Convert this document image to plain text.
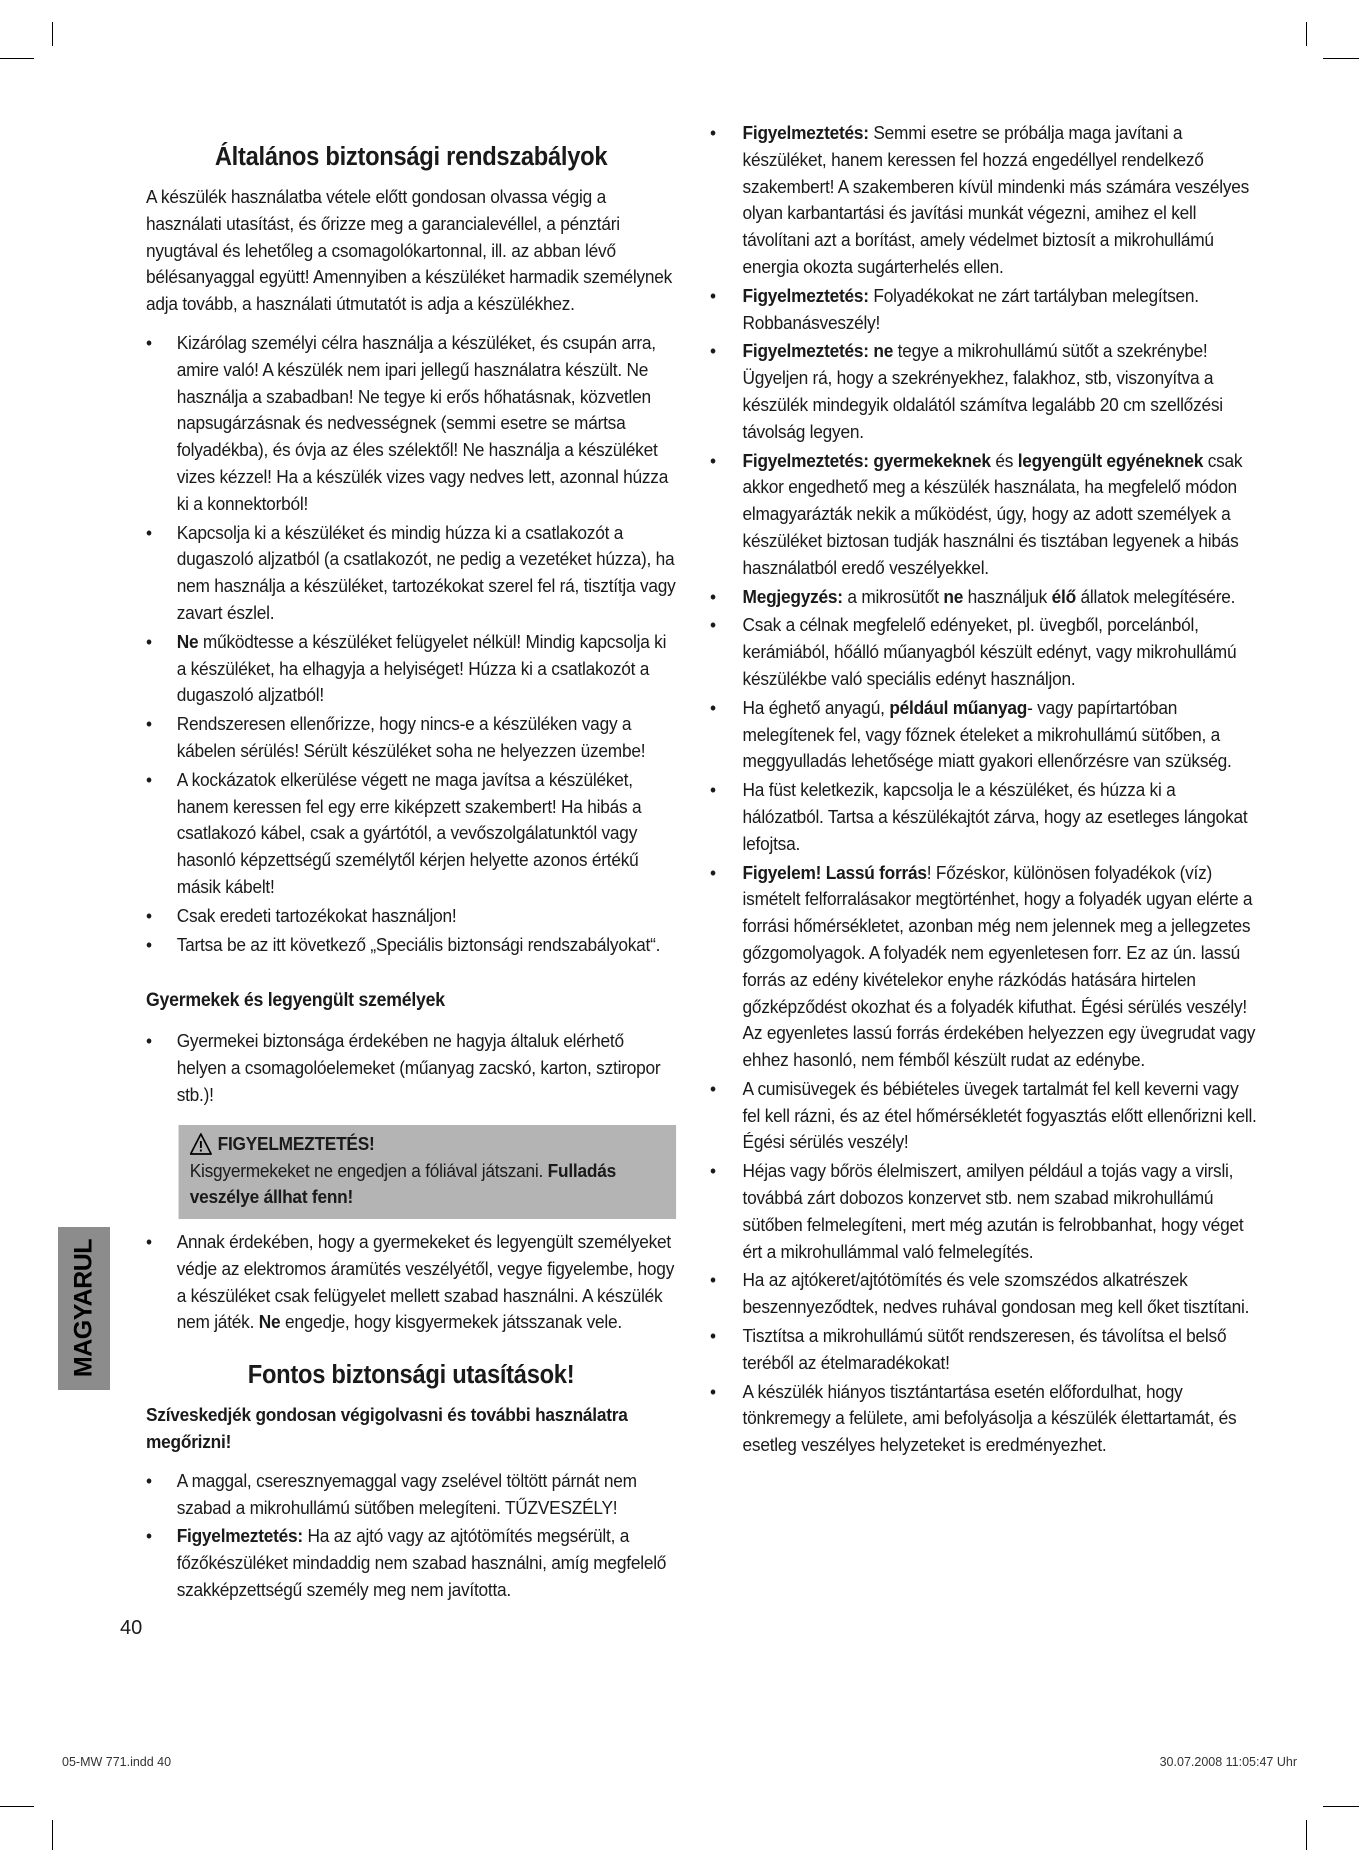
Általános biztonsági rendszabályok

A készülék használatba vétele előtt gondosan olvassa végig a használati utasítást, és őrizze meg a garancialevéllel, a pénztári nyugtával és lehetőleg a csomagolókartonnal, ill. az abban lévő bélésanyaggal együtt! Amennyiben a készüléket harmadik személynek adja tovább, a használati útmutatót is adja a készülékhez.

• Kizárólag személyi célra használja a készüléket, és csupán arra, amire való! A készülék nem ipari jellegű használatra készült. Ne használja a szabadban! Ne tegye ki erős hőhatásnak, közvetlen napsugárzásnak és nedvességnek (semmi esetre se mártsa folyadékba), és óvja az éles szélektől! Ne használja a készüléket vizes kézzel! Ha a készülék vizes vagy nedves lett, azonnal húzza ki a konnektorból!
• Kapcsolja ki a készüléket és mindig húzza ki a csatlakozót a dugaszoló aljzatból (a csatlakozót, ne pedig a vezetéket húzza), ha nem használja a készüléket, tartozékokat szerel fel rá, tisztítja vagy zavart észlel.
• Ne működtesse a készüléket felügyelet nélkül! Mindig kapcsolja ki a készüléket, ha elhagyja a helyiséget! Húzza ki a csatlakozót a dugaszoló aljzatból!
• Rendszeresen ellenőrizze, hogy nincs-e a készüléken vagy a kábelen sérülés! Sérült készüléket soha ne helyezzen üzembe!
• A kockázatok elkerülése végett ne maga javítsa a készüléket, hanem keressen fel egy erre kiképzett szakembert! Ha hibás a csatlakozó kábel, csak a gyártótól, a vevőszolgálatunktól vagy hasonló képzettségű személytől kérjen helyette azonos értékű másik kábelt!
• Csak eredeti tartozékokat használjon!
• Tartsa be az itt következő „Speciális biztonsági rendszabályokat“.
Gyermekek és legyengült személyek
• Gyermekei biztonsága érdekében ne hagyja általuk elérhető helyen a csomagolóelemeket (műanyag zacskó, karton, sztiropor stb.)!
FIGYELMEZTETÉS!

Kisgyermekeket ne engedjen a fóliával játszani. Fulladás veszélye állhat fenn!

• Annak érdekében, hogy a gyermekeket és legyengült személyeket védje az elektromos áramütés veszélyétől, vegye figyelembe, hogy a készüléket csak felügyelet mellett szabad használni. A készülék nem játék. Ne engedje, hogy kisgyermekek játsszanak vele.
Fontos biztonsági utasítások!

Szíveskedjék gondosan végigolvasni és további használatra megőrizni!

• A maggal, cseresznyemaggal vagy zselével töltött párnát nem szabad a mikrohullámú sütőben melegíteni. TŰZVESZÉLY!
• Figyelmeztetés: Ha az ajtó vagy az ajtótömítés megsérült, a főzőkészüléket mindaddig nem szabad használni, amíg megfelelő szakképzettségű személy meg nem javította.
• Figyelmeztetés: Semmi esetre se próbálja maga javítani a készüléket, hanem keressen fel hozzá engedéllyel rendelkező szakembert! A szakemberen kívül mindenki más számára veszélyes olyan karbantartási és javítási munkát végezni, amihez el kell távolítani azt a borítást, amely védelmet biztosít a mikrohullámú energia okozta sugárterhelés ellen.
• Figyelmeztetés: Folyadékokat ne zárt tartályban melegítsen. Robbanásveszély!
• Figyelmeztetés: ne tegye a mikrohullámú sütőt a szekrénybe! Ügyeljen rá, hogy a szekrényekhez, falakhoz, stb, viszonyítva a készülék mindegyik oldalától számítva legalább 20 cm szellőzési távolság legyen.
• Figyelmeztetés: gyermekeknek és legyengült egyéneknek csak akkor engedhető meg a készülék használata, ha megfelelő módon elmagyarázták nekik a működést, úgy, hogy az adott személyek a készüléket biztosan tudják használni és tisztában legyenek a hibás használatból eredő veszélyekkel.
• Megjegyzés: a mikrosütőt ne használjuk élő állatok melegítésére.
• Csak a célnak megfelelő edényeket, pl. üvegből, porcelánból, kerámiából, hőálló műanyagból készült edényt, vagy mikrohullámú készülékbe való speciális edényt használjon.
• Ha éghető anyagú, például műanyag- vagy papírtartóban melegítenek fel, vagy főznek ételeket a mikrohullámú sütőben, a meggyulladás lehetősége miatt gyakori ellenőrzésre van szükség.
• Ha füst keletkezik, kapcsolja le a készüléket, és húzza ki a hálózatból. Tartsa a készülékajtót zárva, hogy az esetleges lángokat lefojtsa.
• Figyelem! Lassú forrás! Főzéskor, különösen folyadékok (víz) ismételt felforralásakor megtörténhet, hogy a folyadék ugyan elérte a forrási hőmérsékletet, azonban még nem jelennek meg a jellegzetes gőzgomolyagok. A folyadék nem egyenletesen forr. Ez az ún. lassú forrás az edény kivételekor enyhe rázkódás hatására hirtelen gőzképződést okozhat és a folyadék kifuthat. Égési sérülés veszély! Az egyenletes lassú forrás érdekében helyezzen egy üvegrudat vagy ehhez hasonló, nem fémből készült rudat az edénybe.
• A cumisüvegek és bébiételes üvegek tartalmát fel kell keverni vagy fel kell rázni, és az étel hőmérsékletét fogyasztás előtt ellenőrizni kell. Égési sérülés veszély!
• Héjas vagy bőrös élelmiszert, amilyen például a tojás vagy a virsli, továbbá zárt dobozos konzervet stb. nem szabad mikrohullámú sütőben felmelegíteni, mert még azután is felrobbanhat, hogy véget ért a mikrohullámmal való felmelegítés.
• Ha az ajtókeret/ajtótömítés és vele szomszédos alkatrészek beszennyeződtek, nedves ruhával gondosan meg kell őket tisztítani.
• Tisztítsa a mikrohullámú sütőt rendszeresen, és távolítsa el belső teréből az ételmaradékokat!
• A készülék hiányos tisztántartása esetén előfordulhat, hogy tönkremegy a felülete, ami befolyásolja a készülék élettartamát, és esetleg veszélyes helyzeteket is eredményezhet.
MAGYARUL
40
05-MW 771.indd 40	30.07.2008 11:05:47 Uhr
